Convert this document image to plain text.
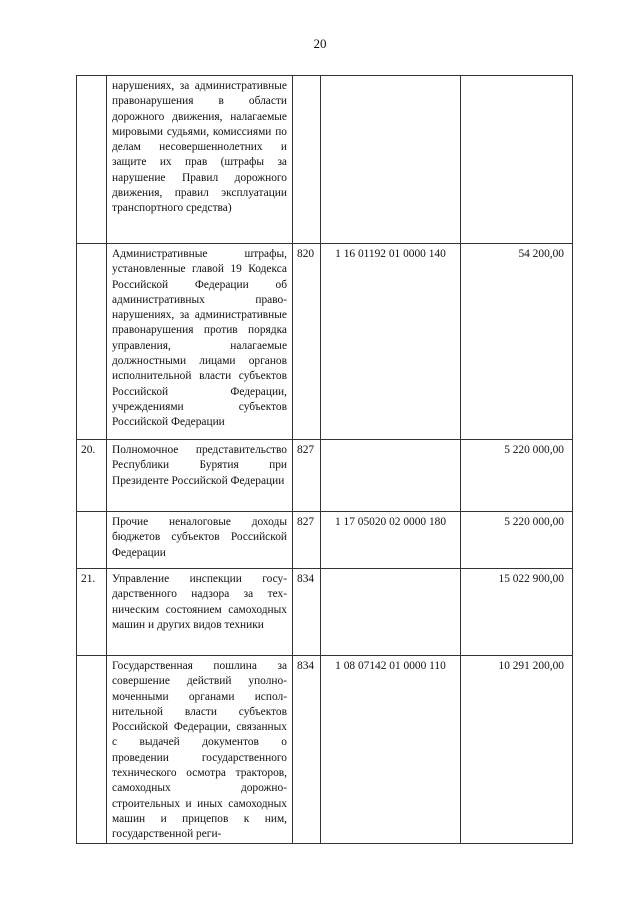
20
	нарушениях, за административные правонарушения в области дорожного движения, налагаемые мировыми судьями, комиссиями по делам несовершеннолетних и защите их прав (штрафы за нарушение Правил дорожного движения, правил эксплуатации транспортного средства)			
	Административные штрафы, установленные главой 19 Кодекса Российской Федерации об административных правонарушениях, за административные правонарушения против порядка управления, налагаемые должностными лицами органов исполнительной власти субъектов Российской Федерации, учреждениями субъектов Российской Федерации	820	1 16 01192 01 0000 140	54 200,00
20.	Полномочное представительство Республики Бурятия при Президенте Российской Федерации	827		5 220 000,00
	Прочие неналоговые доходы бюджетов субъектов Российской Федерации	827	1 17 05020 02 0000 180	5 220 000,00
21.	Управление инспекции государственного надзора за техническим состоянием самоходных машин и других видов техники	834		15 022 900,00
	Государственная пошлина за совершение действий уполномоченными органами исполнительной власти субъектов Российской Федерации, связанных с выдачей документов о проведении государственного технического осмотра тракторов, самоходных дорожно-строительных и иных самоходных машин и прицепов к ним, государственной реги-	834	1 08 07142 01 0000 110	10 291 200,00
